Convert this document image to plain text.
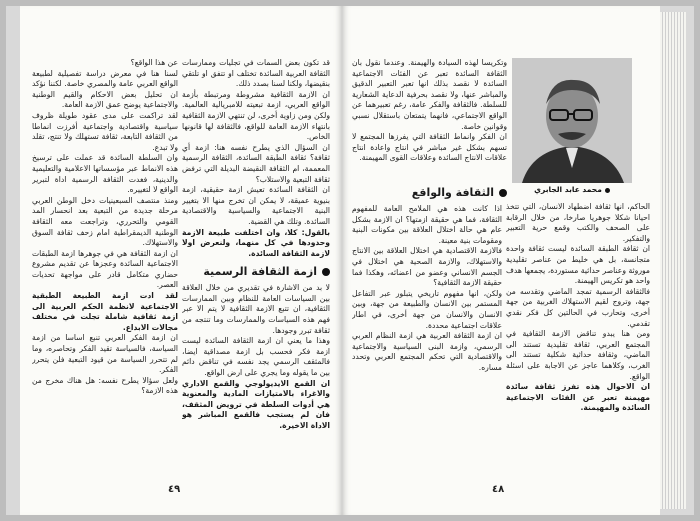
قد تكون بعض السمات في تجليات وممارسات الثقافة العربية السائدة تختلف او تتفق او تلتقي بنقيضها، ولكنا لسنا بصدد ذلك.

ان الازمة الثقافية مشروطة ومرتبطة بأزمة الواقع العربي، ازمة تبعيته للامبريالية العالمية. ولكن ومن زاوية أخرى، لن تنتهي الازمة الثقافية بانتهاء الازمة العامة للواقع، فالثقافة لها قانونها الخاص.

ان السؤال الذي يطرح نفسه هنا: ازمة أي ثقافة؟ ثقافة الطبقة السائدة، الثقافة الرسمية المعممة، ام الثقافة النقيضة البديلة التي ترفض ثقافة التبعية والاستلاب؟

ان الثقافة السائدة تعيش ازمة حقيقية، ازمة بنيوية عميقة، لا يمكن ان تخرج منها الا بتغيير البنية الاجتماعية والسياسية والاقتصادية السائدة. وتلك هي القضية.

بالقول: كلا، وان اختلفت طبيعة الازمة وحدودها في كل منهما، ولنعرض اولا لازمة الثقافة السائدة.

ازمة الثقافة الرسمية

لا بد من الاشارة في تقديري من خلال العلاقة بين السياسات العامة للنظام وبين الممارسات الثقافية، ان تتبع الازمة الثقافية لا يتم الا عبر فهم هذه السياسات والممارسات وما تنتجه من ثقافة تبرر وجودها.

وهذا ما يعني ان ازمة الثقافة السائدة ليست ازمة فكر فحسب بل ازمة مصداقية ايضا، فالمثقف الرسمي يجد نفسه في تناقض دائم بين ما يقوله وما يجري على ارض الواقع.

ان القمع الايديولوجي والقمع الاداري والاغراء بالامتيازات المادية والمعنوية هي أدوات السلطة في ترويض المثقف، فان لم يستجب فالقمع المباشر هو الاداة الاخيرة.

عن هذا الواقع؟

لسنا هنا في معرض دراسة تفصيلية لطبيعة الواقع العربي عامة والمصري خاصة. لكننا نؤكد ان تحليل بعض الاحكام والقيم الوطنية والاجتماعية يوضح عمق الازمة العامة.

لقد تراكمت على مدى عقود طويلة ظروف سياسية واقتصادية واجتماعية أفرزت انماطا من الثقافة التابعة، ثقافة تستهلك ولا تنتج، تقلد ولا تبدع.

وان السلطة السائدة قد عملت على ترسيخ هذه الانماط عبر مؤسساتها الاعلامية والتعليمية والدينية، فغدت الثقافة الرسمية اداة لتبرير الواقع لا لتغييره.

ومنذ منتصف السبعينيات دخل الوطن العربي مرحلة جديدة من التبعية بعد انحسار المد القومي والتحرري، وتراجعت معه الثقافة الوطنية الديمقراطية امام زحف ثقافة السوق والاستهلاك.

ان ازمة الثقافة هي في جوهرها ازمة الطبقات الاجتماعية السائدة وعجزها عن تقديم مشروع حضاري متكامل قادر على مواجهة تحديات العصر.

لقد ادت ازمة الطبيعة الطبقية الاجتماعية لانظمة الحكم العربية الى ازمة ثقافية شاملة تجلت في مختلف مجالات الابداع.

ان ازمة الفكر العربي تنبع اساسا من ازمة السياسة، فالسياسة تقيد الفكر وتحاصره، وما لم تتحرر السياسة من قيود التبعية فلن يتحرر الفكر.

ولعل سؤالا يطرح نفسه: هل هناك مخرج من هذه الازمة؟

٤٩

وتكريسا لهذه السيادة والهيمنة. وعندما نقول بان الثقافة السائدة تعبر عن الفئات الاجتماعية السائدة لا نقصد بذلك انها تعبر التعبير الدقيق والمباشر عنها، ولا نقصد بحرفية الدعاية الشعارية للسلطة. فالثقافة والفكر عامة، رغم تعبيرهما عن الواقع الاجتماعي، فانهما يتمتعان باستقلال نسبي وقوانين خاصة.

ان الفكر وانماط الثقافة التي يفرزها المجتمع لا تسهم بشكل غير مباشر في انتاج واعادة انتاج علاقات الانتاج السائدة وعلاقات القوى المهيمنة.

محمد عابد الجابري
الثقافة والواقع

اذا كانت هذه هي الملامح العامة للمفهوم الثقافة، فما هي حقيقة ازمتها؟ ان الازمة بشكل عام هي حالة اختلال العلاقة بين مكونات البنية ومقومات بنية معينة.

فالازمة الاقتصادية هي اختلال العلاقة بين الانتاج والاستهلاك، والازمة الصحية هي اختلال في الجسم الانساني وعضو من اعضائه، وهكذا فما حقيقة الازمة الثقافية؟

ولكن، انها مفهوم تاريخي يتبلور عبر التفاعل المستمر بين الانسان والطبيعة من جهة، وبين الانسان والانسان من جهة أخرى، في اطار علاقات اجتماعية محددة.

ان ازمة الثقافة العربية هي ازمة النظام العربي الرسمي، وازمة البنى السياسية والاجتماعية والاقتصادية التي تحكم المجتمع العربي وتحدد مساره.

الحاكم، انها ثقافة اضطهاد الانسان، التي تتخذ احيانا شكلا جوهريا صارخا، من خلال الرقابة على الصحف والكتب وقمع حرية التعبير والتفكير.

ان ثقافة الطبقة السائدة ليست ثقافة واحدة متجانسة، بل هي خليط من عناصر تقليدية موروثة وعناصر حداثية مستوردة، يجمعها هدف واحد هو تكريس الهيمنة.

فالثقافة الرسمية تمجد الماضي وتقدسه من جهة، وتروج لقيم الاستهلاك الغربية من جهة أخرى، وتحارب في الحالتين كل فكر نقدي تقدمي.

ومن هنا يبدو تناقض الازمة الثقافية في المجتمع العربي، ثقافة تقليدية تستند الى الماضي، وثقافة حداثية شكلية تستند الى الغرب، وكلاهما عاجز عن الاجابة على اسئلة الواقع.

ان الاحوال هذه تفرز ثقافة سائدة مهيمنة تعبر عن الفئات الاجتماعية السائدة والمهيمنة.

٤٨
